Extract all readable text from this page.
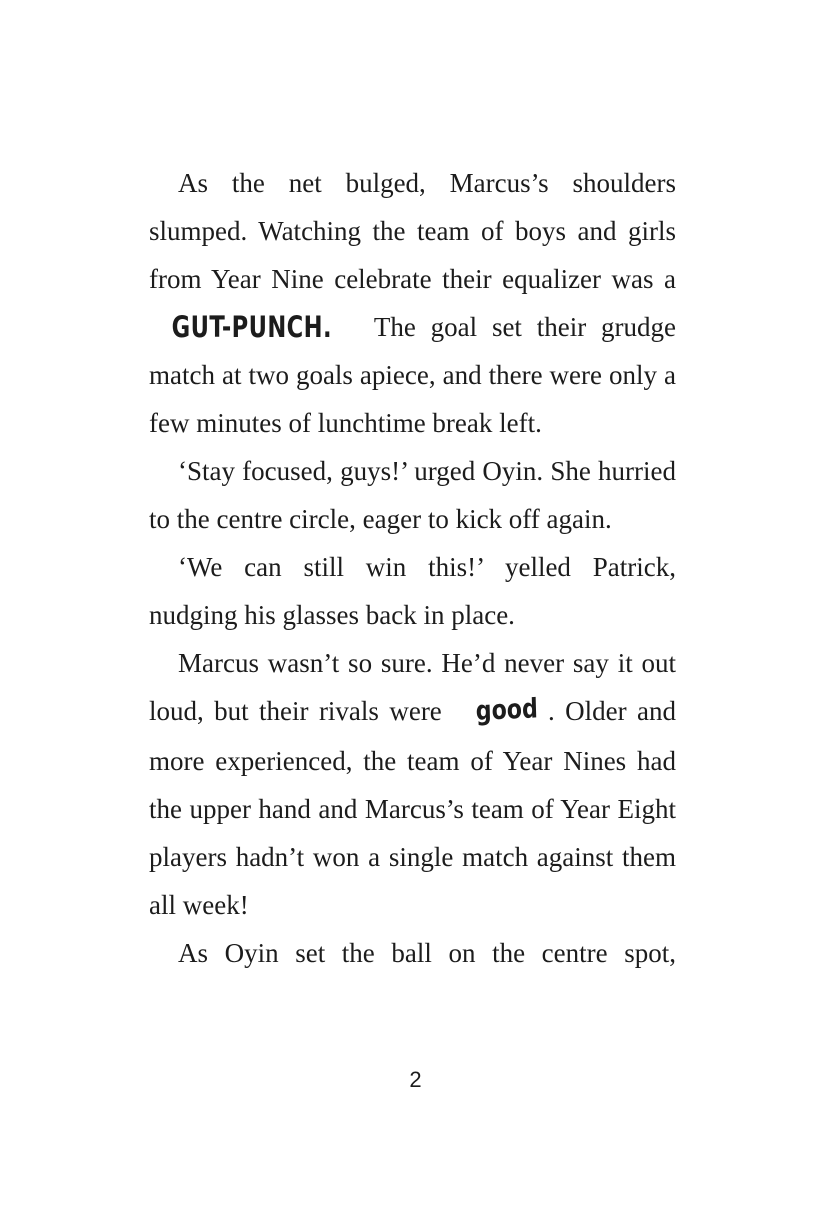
As the net bulged, Marcus’s shoulders slumped. Watching the team of boys and girls from Year Nine celebrate their equalizer was a GUT-PUNCH. The goal set their grudge match at two goals apiece, and there were only a few minutes of lunchtime break left.

‘Stay focused, guys!’ urged Oyin. She hurried to the centre circle, eager to kick off again.

‘We can still win this!’ yelled Patrick, nudging his glasses back in place.

Marcus wasn’t so sure. He’d never say it out loud, but their rivals were good . Older and more experienced, the team of Year Nines had the upper hand and Marcus’s team of Year Eight players hadn’t won a single match against them all week!

As Oyin set the ball on the centre spot,

2
